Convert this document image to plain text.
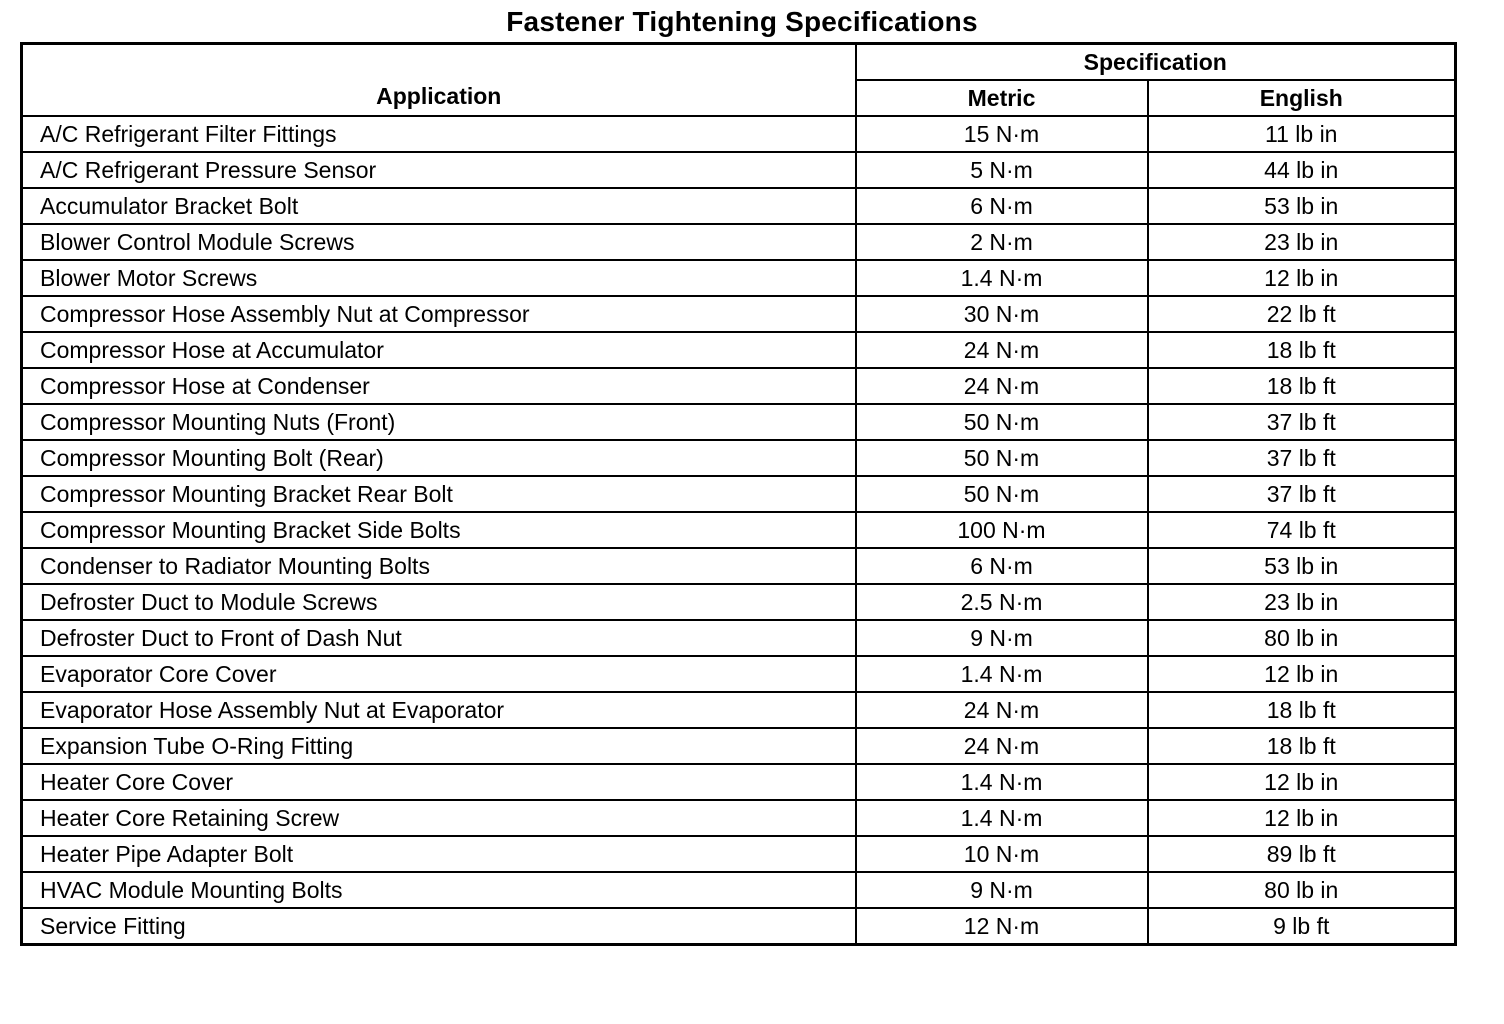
Fastener Tightening Specifications
Application	Specification	
	Metric	English
A/C Refrigerant Filter Fittings	15 N·m	11 lb in
A/C Refrigerant Pressure Sensor	5 N·m	44 lb in
Accumulator Bracket Bolt	6 N·m	53 lb in
Blower Control Module Screws	2 N·m	23 lb in
Blower Motor Screws	1.4 N·m	12 lb in
Compressor Hose Assembly Nut at Compressor	30 N·m	22 lb ft
Compressor Hose at Accumulator	24 N·m	18 lb ft
Compressor Hose at Condenser	24 N·m	18 lb ft
Compressor Mounting Nuts (Front)	50 N·m	37 lb ft
Compressor Mounting Bolt (Rear)	50 N·m	37 lb ft
Compressor Mounting Bracket Rear Bolt	50 N·m	37 lb ft
Compressor Mounting Bracket Side Bolts	100 N·m	74 lb ft
Condenser to Radiator Mounting Bolts	6 N·m	53 lb in
Defroster Duct to Module Screws	2.5 N·m	23 lb in
Defroster Duct to Front of Dash Nut	9 N·m	80 lb in
Evaporator Core Cover	1.4 N·m	12 lb in
Evaporator Hose Assembly Nut at Evaporator	24 N·m	18 lb ft
Expansion Tube O-Ring Fitting	24 N·m	18 lb ft
Heater Core Cover	1.4 N·m	12 lb in
Heater Core Retaining Screw	1.4 N·m	12 lb in
Heater Pipe Adapter Bolt	10 N·m	89 lb ft
HVAC Module Mounting Bolts	9 N·m	80 lb in
Service Fitting	12 N·m	9 lb ft
